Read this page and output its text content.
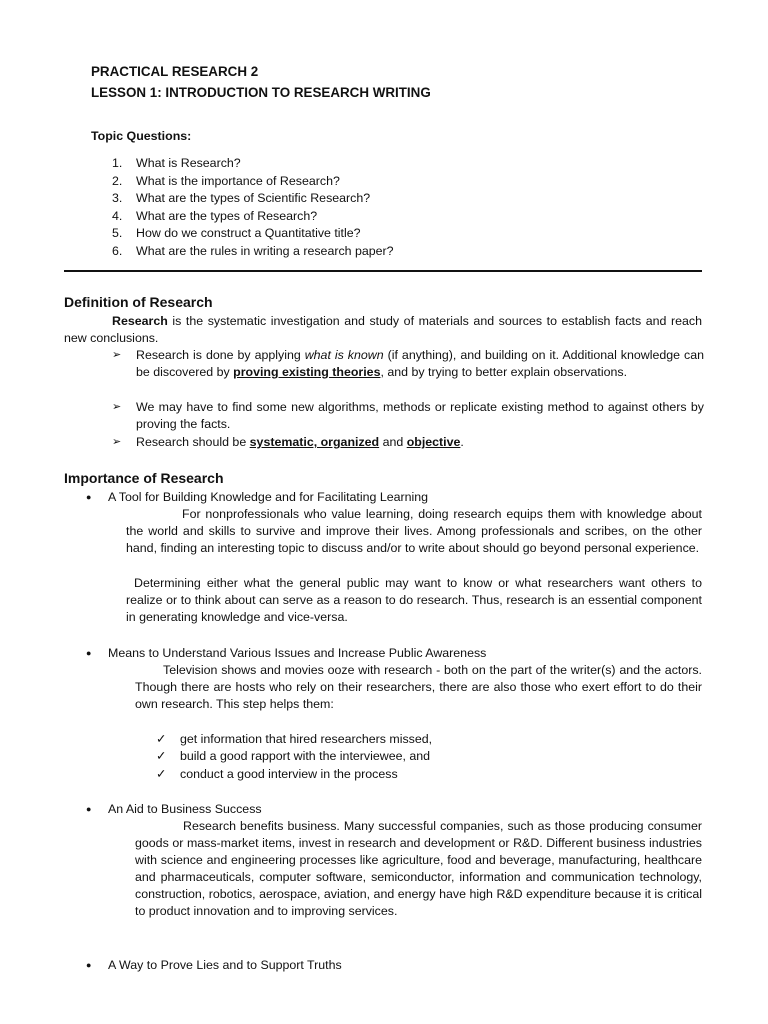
PRACTICAL RESEARCH 2
LESSON 1: INTRODUCTION TO RESEARCH WRITING
Topic Questions:
1.	What is Research?
2.	What is the importance of Research?
3.	What are the types of Scientific Research?
4.	What are the types of Research?
5.	How do we construct a Quantitative title?
6.	What are the rules in writing a research paper?
Definition of Research
Research is the systematic investigation and study of materials and sources to establish facts and reach new conclusions.
➢	Research is done by applying what is known (if anything), and building on it. Additional knowledge can be discovered by proving existing theories, and by trying to better explain observations.
➢	We may have to find some new algorithms, methods or replicate existing method to against others by proving the facts.
➢	Research should be systematic, organized and objective.
Importance of Research
●	A Tool for Building Knowledge and for Facilitating Learning
For nonprofessionals who value learning, doing research equips them with knowledge about the world and skills to survive and improve their lives. Among professionals and scribes, on the other hand, finding an interesting topic to discuss and/or to write about should go beyond personal experience.
Determining either what the general public may want to know or what researchers want others to realize or to think about can serve as a reason to do research. Thus, research is an essential component in generating knowledge and vice-versa.
●	Means to Understand Various Issues and Increase Public Awareness
Television shows and movies ooze with research - both on the part of the writer(s) and the actors. Though there are hosts who rely on their researchers, there are also those who exert effort to do their own research. This step helps them:
✓	get information that hired researchers missed,
✓	build a good rapport with the interviewee, and
✓	conduct a good interview in the process
●	An Aid to Business Success
Research benefits business. Many successful companies, such as those producing consumer goods or mass-market items, invest in research and development or R&D. Different business industries with science and engineering processes like agriculture, food and beverage, manufacturing, healthcare and pharmaceuticals, computer software, semiconductor, information and communication technology, construction, robotics, aerospace, aviation, and energy have high R&D expenditure because it is critical to product innovation and to improving services.
●	A Way to Prove Lies and to Support Truths
